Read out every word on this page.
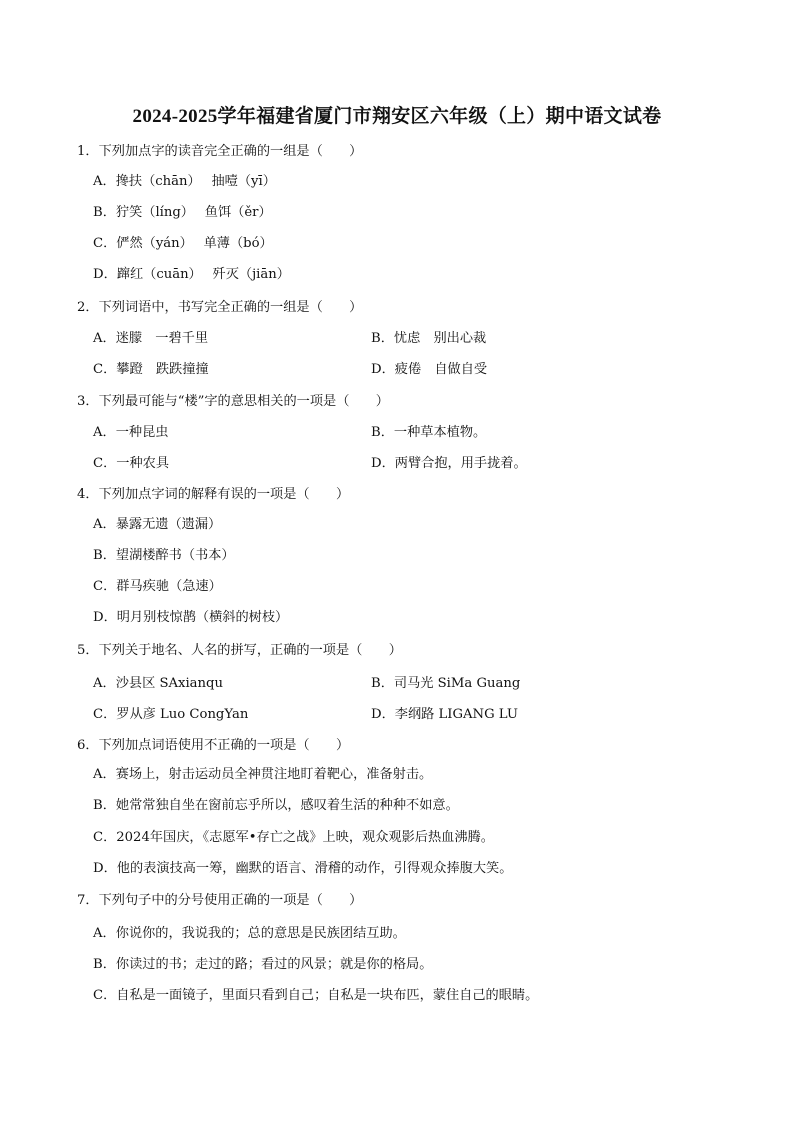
2024-2025学年福建省厦门市翔安区六年级（上）期中语文试卷
1．下列加点字的读音完全正确的一组是（　　）
A．搀扶（chān）　 抽噎（yī）
B．狞笑（líng）　 鱼饵（ěr）
C．俨然（yán）　 单薄（bó）
D．蹿红（cuān）　 歼灭（jiān）
2．下列词语中，书写完全正确的一组是（　　）
A．迷朦　一碧千里	B．忧虑　别出心裁
C．攀蹬　跌跌撞撞	D．疲倦　自做自受
3．下列最可能与“楼”字的意思相关的一项是（　　）
A．一种昆虫	B．一种草本植物。
C．一种农具	D．两臂合抱，用手拢着。
4．下列加点字词的解释有误的一项是（　　）
A．暴露无遗（遗漏）
B．望湖楼醉书（书本）
C．群马疾驰（急速）
D．明月别枝惊鹊（横斜的树枝）
5．下列关于地名、人名的拼写，正确的一项是（　　）
A．沙县区 SAxianqu	B．司马光 SiMa Guang
C．罗从彦 Luo CongYan	D．李纲路 LIGANG LU
6．下列加点词语使用不正确的一项是（　　）
A．赛场上，射击运动员全神贯注地盯着靶心，准备射击。
B．她常常独自坐在窗前忘乎所以，感叹着生活的种种不如意。
C．2024年国庆，《志愿军•存亡之战》上映，观众观影后热血沸腾。
D．他的表演技高一筹，幽默的语言、滑稽的动作，引得观众捧腹大笑。
7．下列句子中的分号使用正确的一项是（　　）
A．你说你的，我说我的；总的意思是民族团结互助。
B．你读过的书；走过的路；看过的风景；就是你的格局。
C．自私是一面镜子，里面只看到自己；自私是一块布匹，蒙住自己的眼睛。
